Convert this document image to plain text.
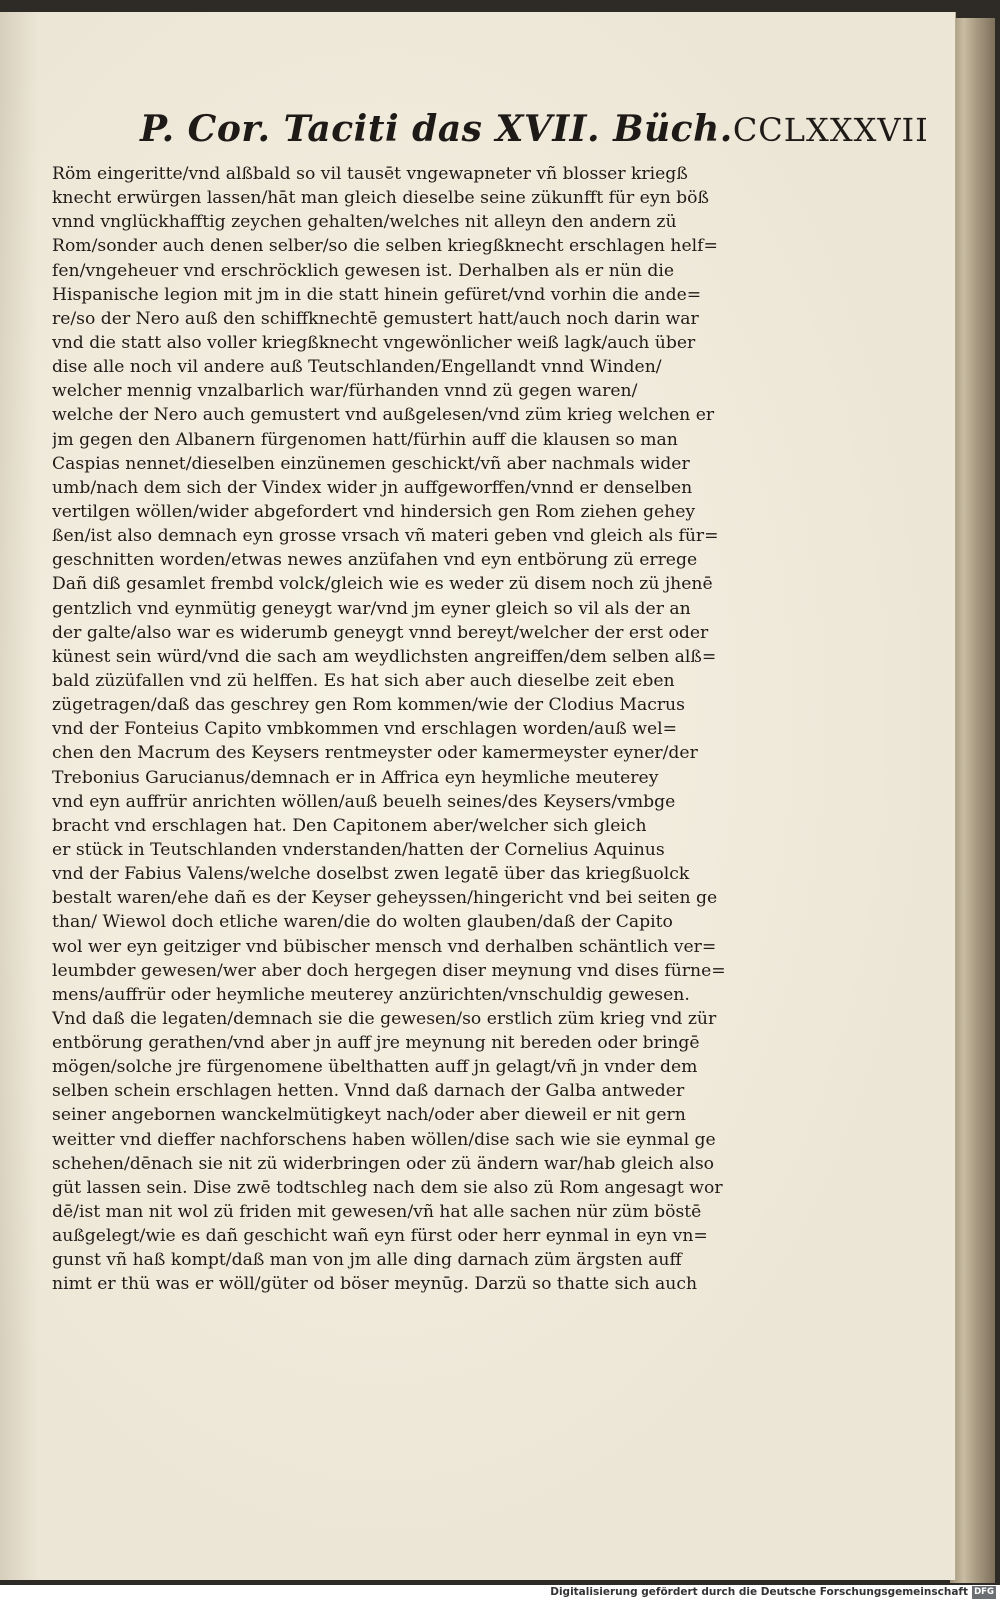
P. Cor. Taciti das XVII. Büch. CCLXXXVII
Röm eingeritte/vnd alßbald so vil tausēt vngewapneter vñ blosser kriegß
knecht erwürgen lassen/hāt man gleich dieselbe seine zükunfft für eyn böß
vnnd vnglückhafftig zeychen gehalten/welches nit alleyn den andern zü
Rom/sonder auch denen selber/so die selben kriegßknecht erschlagen helf=
fen/vngeheuer vnd erschröcklich gewesen ist. Derhalben als er nün die
Hispanische legion mit jm in die statt hinein gefüret/vnd vorhin die ande=
re/so der Nero auß den schiffknechtē gemustert hatt/auch noch darin war
vnd die statt also voller kriegßknecht vngewönlicher weiß lagk/auch über
dise alle noch vil andere auß Teutschlanden/Engellandt vnnd Winden/
welcher mennig vnzalbarlich war/fürhanden vnnd zü gegen waren/
welche der Nero auch gemustert vnd außgelesen/vnd züm krieg welchen er
jm gegen den Albanern fürgenomen hatt/fürhin auff die klausen so man
Caspias nennet/dieselben einzünemen geschickt/vñ aber nachmals wider
umb/nach dem sich der Vindex wider jn auffgeworffen/vnnd er denselben
vertilgen wöllen/wider abgefordert vnd hindersich gen Rom ziehen gehey
ßen/ist also demnach eyn grosse vrsach vñ materi geben vnd gleich als für=
geschnitten worden/etwas newes anzüfahen vnd eyn entbörung zü errege
Dañ diß gesamlet frembd volck/gleich wie es weder zü disem noch zü jhenē
gentzlich vnd eynmütig geneygt war/vnd jm eyner gleich so vil als der an
der galte/also war es widerumb geneygt vnnd bereyt/welcher der erst oder
künest sein würd/vnd die sach am weydlichsten angreiffen/dem selben alß=
bald züzüfallen vnd zü helffen. Es hat sich aber auch dieselbe zeit eben
zügetragen/daß das geschrey gen Rom kommen/wie der Clodius Macrus
vnd der Fonteius Capito vmbkommen vnd erschlagen worden/auß wel=
chen den Macrum des Keysers rentmeyster oder kamermeyster eyner/der
Trebonius Garucianus/demnach er in Affrica eyn heymliche meuterey
vnd eyn auffrür anrichten wöllen/auß beuelh seines/des Keysers/vmbge
bracht vnd erschlagen hat. Den Capitonem aber/welcher sich gleich
er stück in Teutschlanden vnderstanden/hatten der Cornelius Aquinus
vnd der Fabius Valens/welche doselbst zwen legatē über das kriegßuolck
bestalt waren/ehe dañ es der Keyser geheyssen/hingericht vnd bei seiten ge
than/ Wiewol doch etliche waren/die do wolten glauben/daß der Capito
wol wer eyn geitziger vnd bübischer mensch vnd derhalben schäntlich ver=
leumbder gewesen/wer aber doch hergegen diser meynung vnd dises fürne=
mens/auffrür oder heymliche meuterey anzürichten/vnschuldig gewesen.
Vnd daß die legaten/demnach sie die gewesen/so erstlich züm krieg vnd zür
entbörung gerathen/vnd aber jn auff jre meynung nit bereden oder bringē
mögen/solche jre fürgenomene übelthatten auff jn gelagt/vñ jn vnder dem
selben schein erschlagen hetten. Vnnd daß darnach der Galba antweder
seiner angebornen wanckelmütigkeyt nach/oder aber dieweil er nit gern
weitter vnd dieffer nachforschens haben wöllen/dise sach wie sie eynmal ge
schehen/dēnach sie nit zü widerbringen oder zü ändern war/hab gleich also
güt lassen sein. Dise zwē todtschleg nach dem sie also zü Rom angesagt wor
dē/ist man nit wol zü friden mit gewesen/vñ hat alle sachen nür züm böstē
außgelegt/wie es dañ geschicht wañ eyn fürst oder herr eynmal in eyn vn=
gunst vñ haß kompt/daß man von jm alle ding darnach züm ärgsten auff
nimt er thü was er wöll/güter od böser meynūg. Darzü so thatte sich auch
Digitalisierung gefördert durch die Deutsche Forschungsgemeinschaft DFG
